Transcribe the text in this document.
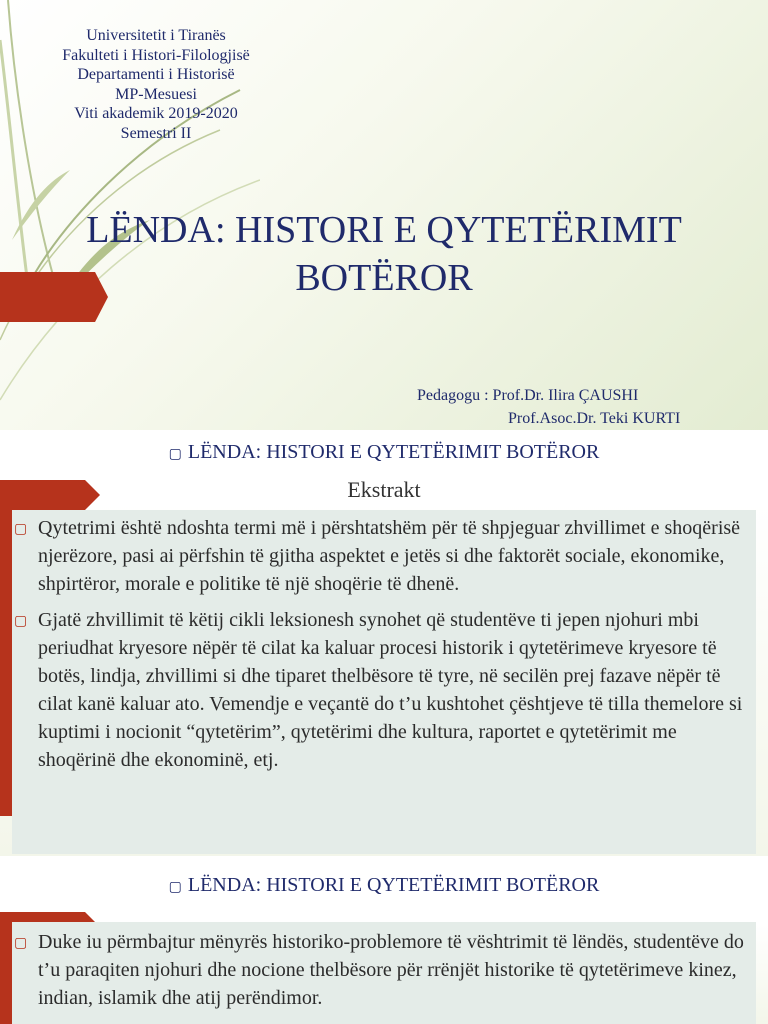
Universitetit i Tiranës
Fakulteti i Histori-Filologjisë
Departamenti i Historisë
MP-Mesuesi
Viti akademik 2019-2020
Semestri II
LËNDA: HISTORI E QYTETËRIMIT
BOTËROR
Pedagogu : Prof.Dr. Ilira ÇAUSHI
Prof.Asoc.Dr. Teki KURTI
▢ LËNDA: HISTORI E QYTETËRIMIT BOTËROR
Ekstrakt

▢ Qytetrimi është ndoshta termi më i përshtatshëm për të shpjeguar zhvillimet e shoqërisë njerëzore, pasi ai përfshin të gjitha aspektet e jetës si dhe faktorët sociale, ekonomike, shpirtëror, morale e politike të një shoqërie të dhenë.

▢ Gjatë zhvillimit të këtij cikli leksionesh synohet që studentëve ti jepen njohuri mbi periudhat kryesore nëpër të cilat ka kaluar procesi historik i qytetërimeve kryesore të botës, lindja, zhvillimi si dhe tiparet thelbësore të tyre, në secilën prej fazave nëpër të cilat kanë kaluar ato. Vemendje e veçantë do t’u kushtohet çështjeve të tilla themelore si kuptimi i nocionit “qytetërim”, qytetërimi dhe kultura, raportet e qytetërimit me shoqërinë dhe ekonominë, etj.

▢ LËNDA: HISTORI E QYTETËRIMIT BOTËROR

▢ Duke iu përmbajtur mënyrës historiko-problemore të vështrimit të lëndës, studentëve do t’u paraqiten njohuri dhe nocione thelbësore për rrënjët historike të qytetërimeve kinez, indian, islamik dhe atij perëndimor.
